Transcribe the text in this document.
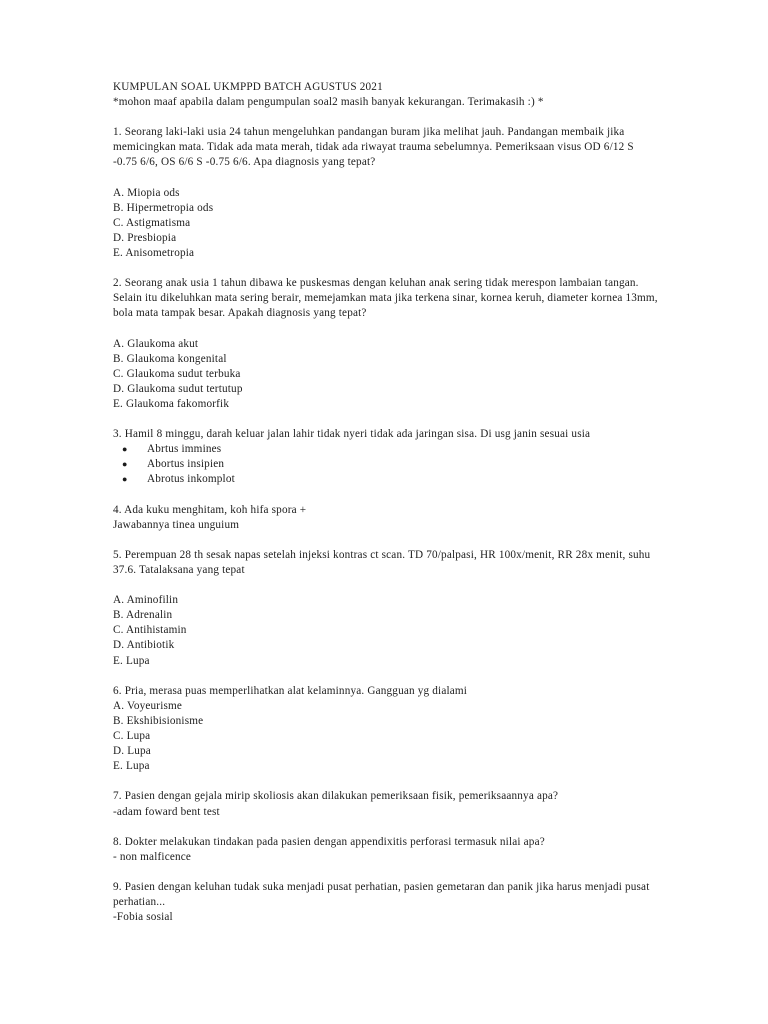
KUMPULAN SOAL UKMPPD BATCH AGUSTUS 2021
*mohon maaf apabila dalam pengumpulan soal2 masih banyak kekurangan. Terimakasih :) *
1. Seorang laki-laki usia 24 tahun mengeluhkan pandangan buram jika melihat jauh. Pandangan membaik jika memicingkan mata. Tidak ada mata merah, tidak ada riwayat trauma sebelumnya. Pemeriksaan visus OD 6/12 S -0.75 6/6, OS 6/6 S -0.75 6/6. Apa diagnosis yang tepat?
A. Miopia ods
B. Hipermetropia ods
C. Astigmatisma
D. Presbiopia
E. Anisometropia
2. Seorang anak usia 1 tahun dibawa ke puskesmas dengan keluhan anak sering tidak merespon lambaian tangan. Selain itu dikeluhkan mata sering berair, memejamkan mata jika terkena sinar, kornea keruh, diameter kornea 13mm, bola mata tampak besar. Apakah diagnosis yang tepat?
A. Glaukoma akut
B. Glaukoma kongenital
C. Glaukoma sudut terbuka
D. Glaukoma sudut tertutup
E. Glaukoma fakomorfik
3. Hamil 8 minggu, darah keluar jalan lahir tidak nyeri tidak ada jaringan sisa. Di usg janin sesuai usia
●	Abrtus immines
●	Abortus insipien
●	Abrotus inkomplot
4. Ada kuku menghitam, koh hifa spora +
Jawabannya tinea unguium
5. Perempuan 28 th sesak napas setelah injeksi kontras ct scan. TD 70/palpasi, HR 100x/menit, RR 28x menit, suhu 37.6. Tatalaksana yang tepat
A. Aminofilin
B. Adrenalin
C. Antihistamin
D. Antibiotik
E. Lupa
6. Pria, merasa puas memperlihatkan alat kelaminnya. Gangguan yg dialami
A. Voyeurisme
B. Ekshibisionisme
C. Lupa
D. Lupa
E. Lupa
7. Pasien dengan gejala mirip skoliosis akan dilakukan pemeriksaan fisik, pemeriksaannya apa?
-adam foward bent test
8. Dokter melakukan tindakan pada pasien dengan appendixitis perforasi termasuk nilai apa?
- non malficence
9. Pasien dengan keluhan tudak suka menjadi pusat perhatian, pasien gemetaran dan panik jika harus menjadi pusat perhatian...
-Fobia sosial
